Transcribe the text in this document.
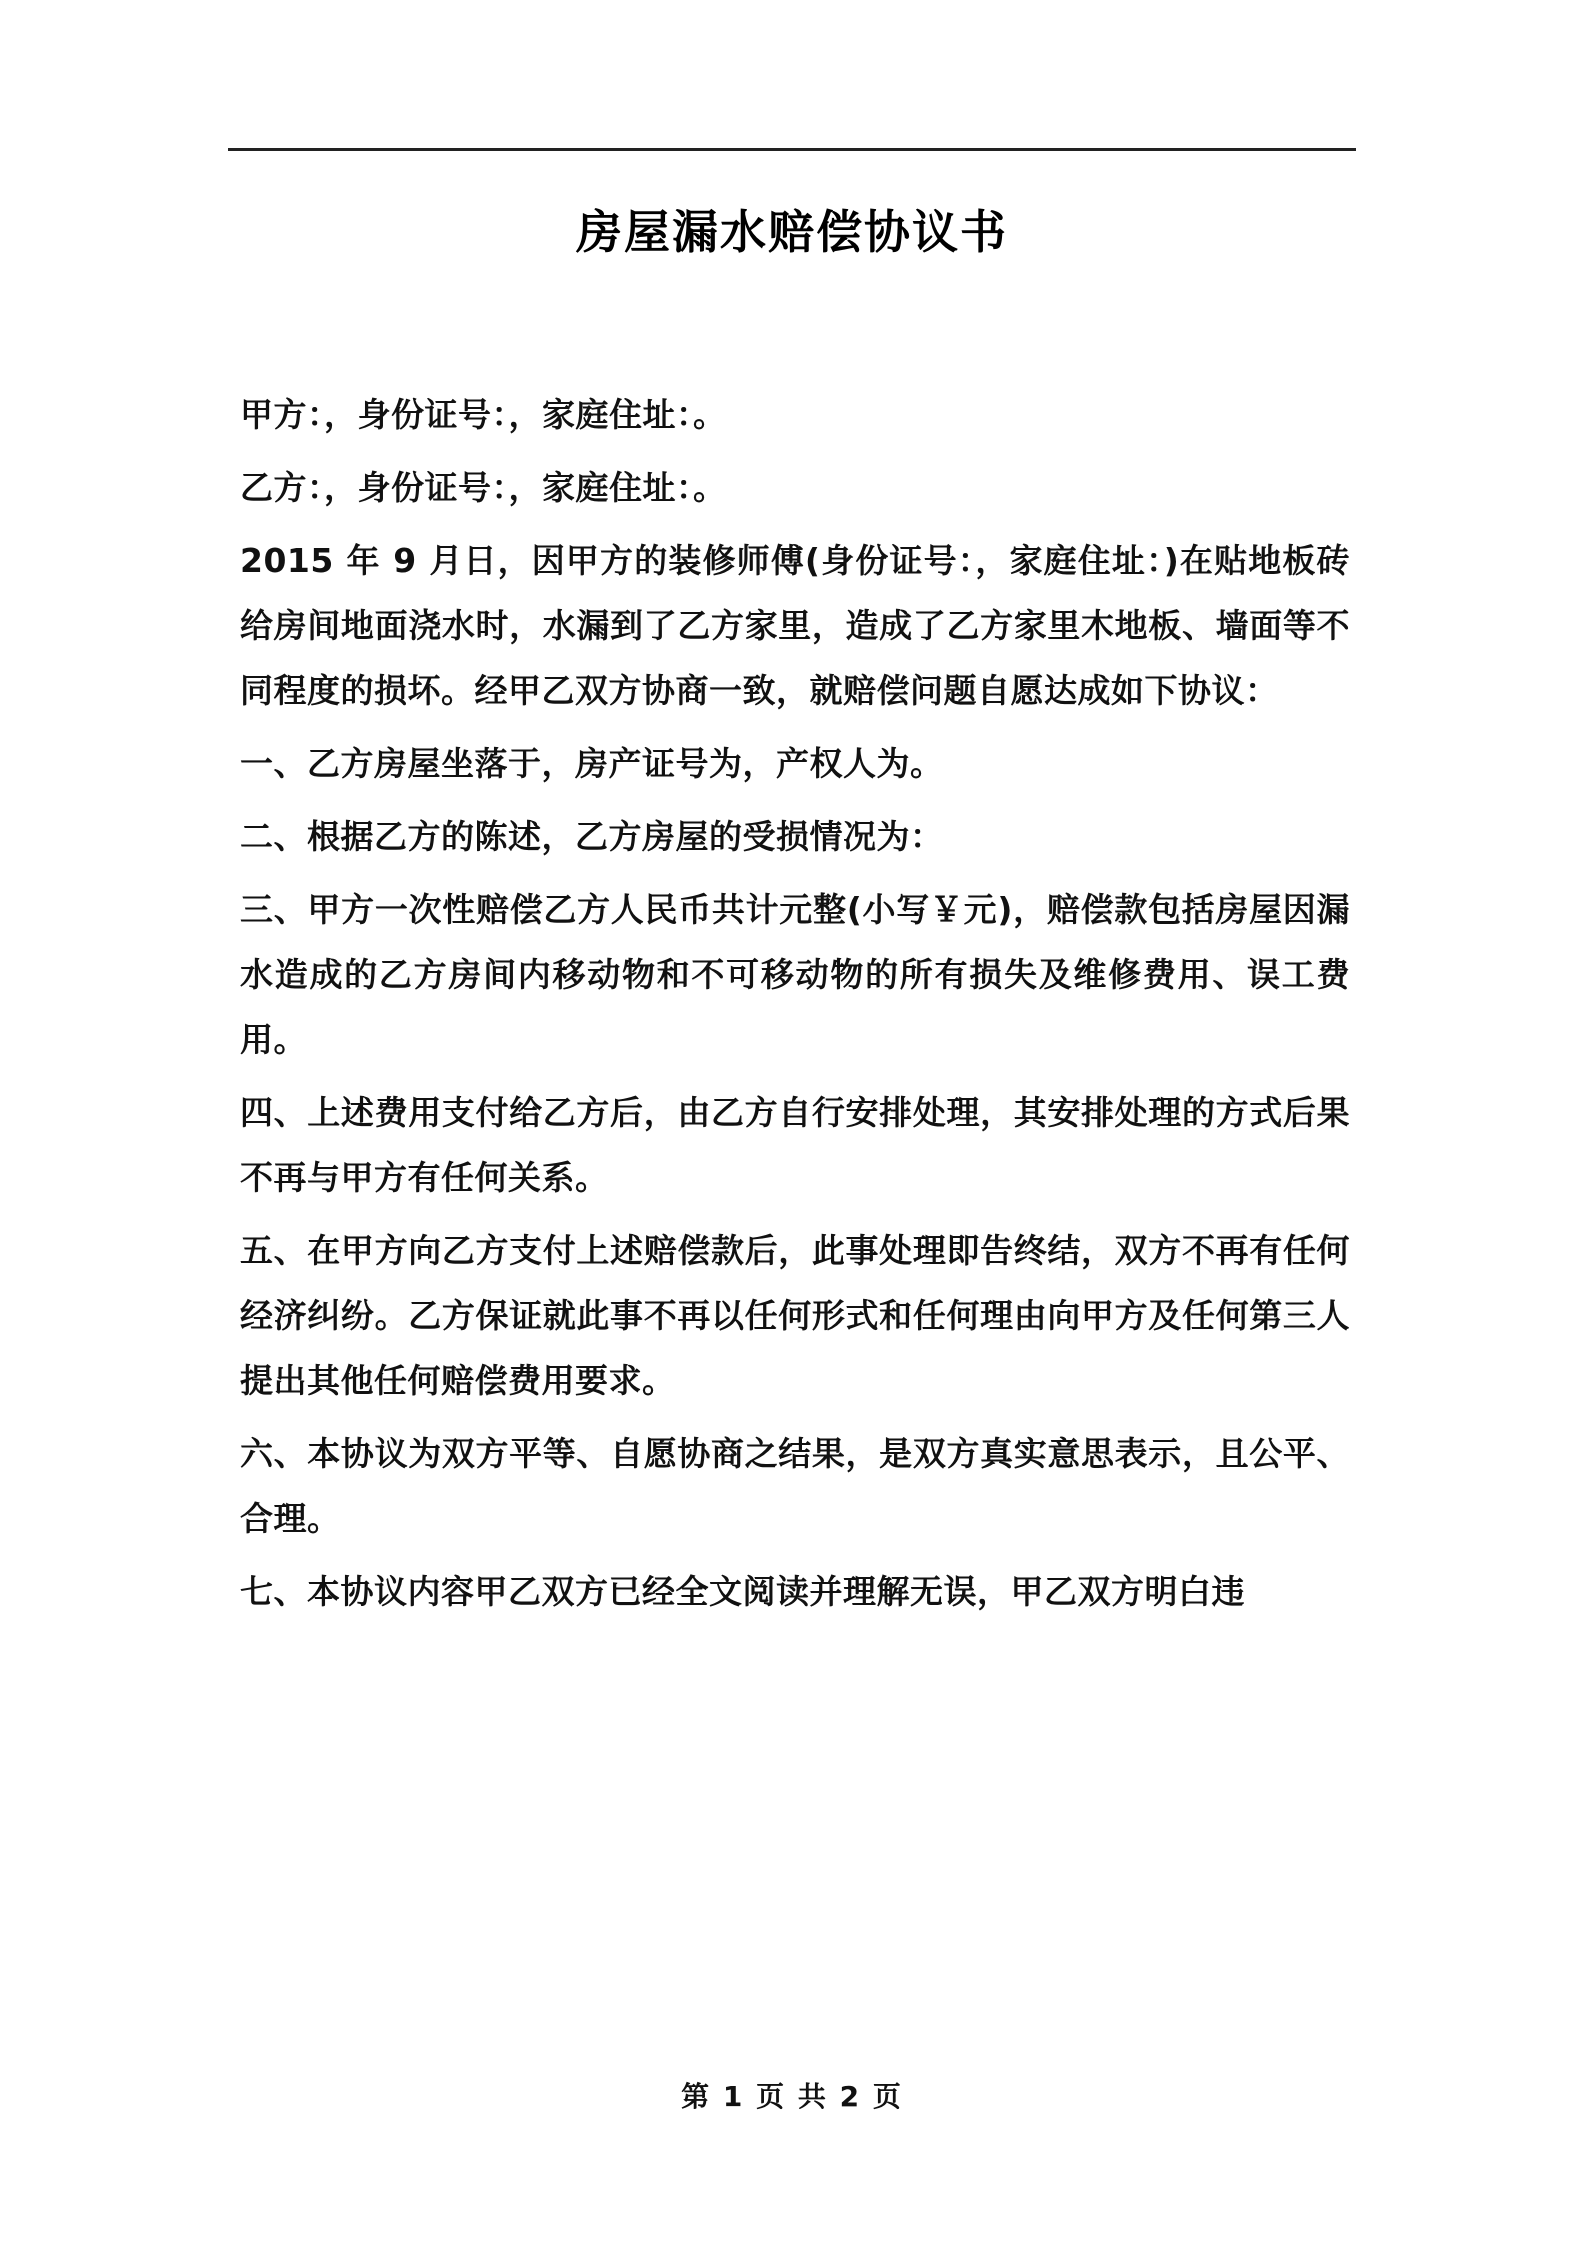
房屋漏水赔偿协议书

甲方：，身份证号：，家庭住址：。

乙方：，身份证号：，家庭住址：。

2015 年 9 月日，因甲方的装修师傅(身份证号：，家庭住址：)在贴地板砖给房间地面浇水时，水漏到了乙方家里，造成了乙方家里木地板、墙面等不同程度的损坏。经甲乙双方协商一致，就赔偿问题自愿达成如下协议：

一、乙方房屋坐落于，房产证号为，产权人为。

二、根据乙方的陈述，乙方房屋的受损情况为：

三、甲方一次性赔偿乙方人民币共计元整(小写￥元)，赔偿款包括房屋因漏水造成的乙方房间内移动物和不可移动物的所有损失及维修费用、误工费用。

四、上述费用支付给乙方后，由乙方自行安排处理，其安排处理的方式后果不再与甲方有任何关系。

五、在甲方向乙方支付上述赔偿款后，此事处理即告终结，双方不再有任何经济纠纷。乙方保证就此事不再以任何形式和任何理由向甲方及任何第三人提出其他任何赔偿费用要求。

六、本协议为双方平等、自愿协商之结果，是双方真实意思表示，且公平、合理。

七、本协议内容甲乙双方已经全文阅读并理解无误，甲乙双方明白违

第 1 页 共 2 页
